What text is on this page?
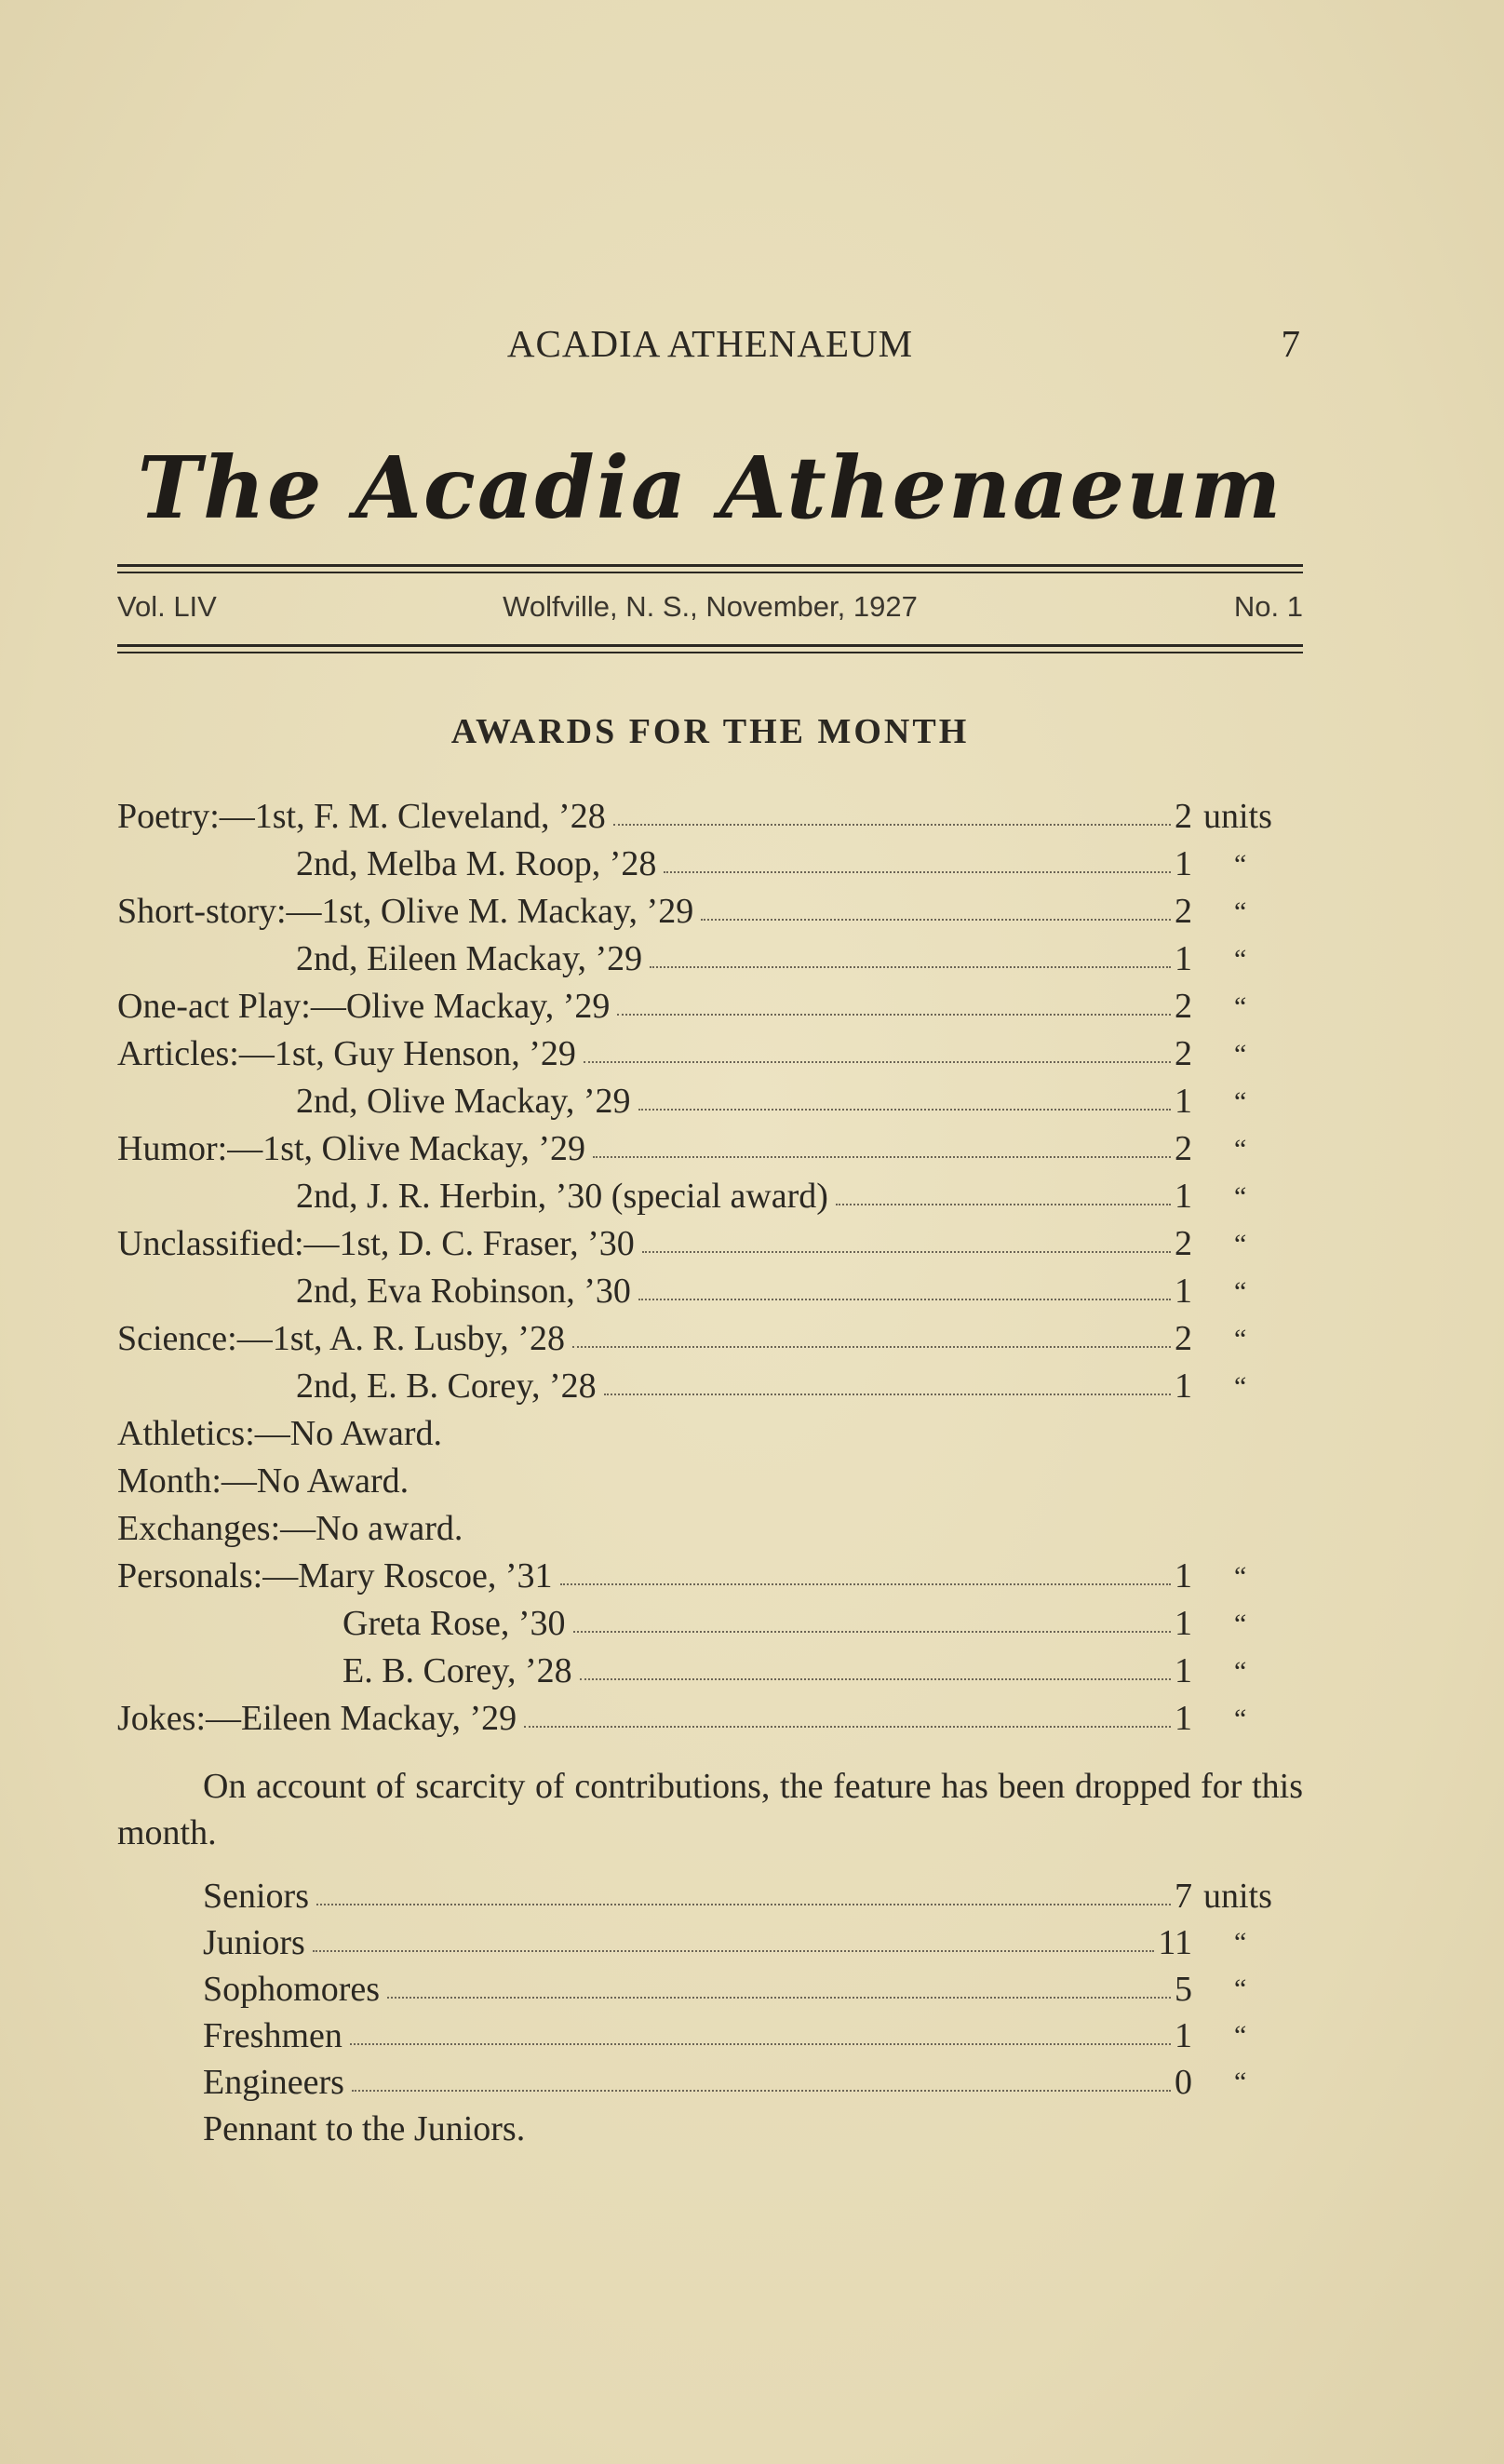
ACADIA ATHENAEUM	7
The Acadia Athenaeum
Vol. LIV	Wolfville, N. S., November, 1927	No. 1
AWARDS FOR THE MONTH
Poetry:—1st, F. M. Cleveland, ’28	2 units
2nd, Melba M. Roop, ’28	1 “
Short-story:—1st, Olive M. Mackay, ’29	2 “
2nd, Eileen Mackay, ’29	1 “
One-act Play:—Olive Mackay, ’29	2 “
Articles:—1st, Guy Henson, ’29	2 “
2nd, Olive Mackay, ’29	1 “
Humor:—1st, Olive Mackay, ’29	2 “
2nd, J. R. Herbin, ’30 (special award)	1 “
Unclassified:—1st, D. C. Fraser, ’30	2 “
2nd, Eva Robinson, ’30	1 “
Science:—1st, A. R. Lusby, ’28	2 “
2nd, E. B. Corey, ’28	1 “
Athletics:—No Award.
Month:—No Award.
Exchanges:—No award.
Personals:—Mary Roscoe, ’31	1 “
Greta Rose, ’30	1 “
E. B. Corey, ’28	1 “
Jokes:—Eileen Mackay, ’29	1 “
On account of scarcity of contributions, the feature has been dropped for this month.
Seniors	7 units
Juniors	11 “
Sophomores	5 “
Freshmen	1 “
Engineers	0 “
Pennant to the Juniors.
